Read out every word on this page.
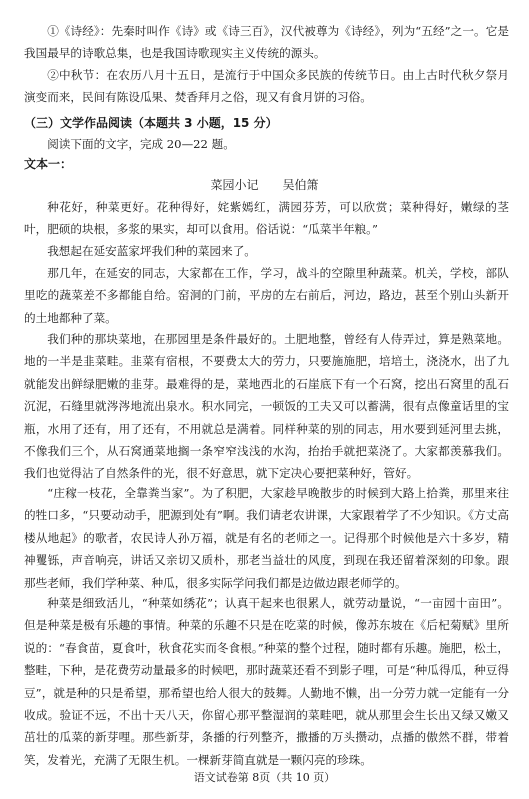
①《诗经》：先秦时叫作《诗》或《诗三百》，汉代被尊为《诗经》，列为“五经”之一。它是我国最早的诗歌总集，也是我国诗歌现实主义传统的源头。
②中秋节：在农历八月十五日，是流行于中国众多民族的传统节日。由上古时代秋夕祭月演变而来，民间有陈设瓜果、焚香拜月之俗，现又有食月饼的习俗。
（三）文学作品阅读（本题共 3 小题，15 分）
阅读下面的文字，完成 20—22 题。
文本一：
菜园小记 吴伯箫
种花好，种菜更好。花种得好，姹紫嫣红，满园芬芳，可以欣赏；菜种得好，嫩绿的茎叶，肥硕的块根，多浆的果实，却可以食用。俗话说：“瓜菜半年粮。”
我想起在延安蓝家坪我们种的菜园来了。
那几年，在延安的同志，大家都在工作，学习，战斗的空隙里种蔬菜。机关，学校，部队里吃的蔬菜差不多都能自给。窑洞的门前，平房的左右前后，河边，路边，甚至个别山头新开的土地都种了菜。
我们种的那块菜地，在那园里是条件最好的。土肥地整，曾经有人侍弄过，算是熟菜地。地的一半是韭菜畦。韭菜有宿根，不要费太大的劳力，只要施施肥，培培土，浇浇水，出了九就能发出鲜绿肥嫩的韭芽。最难得的是，菜地西北的石崖底下有一个石窝，挖出石窝里的乱石沉泥，石缝里就涔涔地流出泉水。积水同完，一顿饭的工夫又可以蓄满，很有点像童话里的宝瓶，水用了还有，用了还有，不用就总是满着。同样种菜的别的同志，用水要到延河里去挑，不像我们三个，从石窝通菜地搁一条窄窄浅浅的水沟，抬抬手就把菜浇了。大家都羡慕我们。我们也觉得沾了自然条件的光，很不好意思，就下定决心要把菜种好，管好。
“庄稼一枝花，全靠粪当家”。为了积肥，大家趁早晚散步的时候到大路上拾粪，那里来往的牲口多，“只要动动手，肥源到处有”啊。我们请老农讲课，大家跟着学了不少知识。《方丈高楼从地起》的歌者，农民诗人孙万福，就是有名的老师之一。记得那个时候他是六十多岁，精神矍铄，声音响亮，讲话又亲切又质朴，那老当益壮的风度，到现在我还留着深刻的印象。跟那些老师，我们学种菜、种瓜，很多实际学问我们都是边做边跟老师学的。
种菜是细致活儿，“种菜如绣花”；认真干起来也很累人，就劳动量说，“一亩园十亩田”。但是种菜是极有乐趣的事情。种菜的乐趣不只是在吃菜的时候，像苏东坡在《后杞菊赋》里所说的：“春食苗，夏食叶，秋食花实而冬食根。”种菜的整个过程，随时都有乐趣。施肥，松土，整畦，下种，是花费劳动量最多的时候吧，那时蔬菜还看不到影子哩，可是“种瓜得瓜，种豆得豆”，就是种的只是希望，那希望也给人很大的鼓舞。人勤地不懒，出一分劳力就一定能有一分收成。验证不远，不出十天八天，你留心那平整湿润的菜畦吧，就从那里会生长出又绿又嫩又茁壮的瓜菜的新芽哩。那些新芽，条播的行列整齐，撒播的万头攒动，点播的傲然不群，带着笑，发着光，充满了无限生机。一棵新芽简直就是一颗闪亮的珍珠。
语文试卷第 8页（共 10 页）
